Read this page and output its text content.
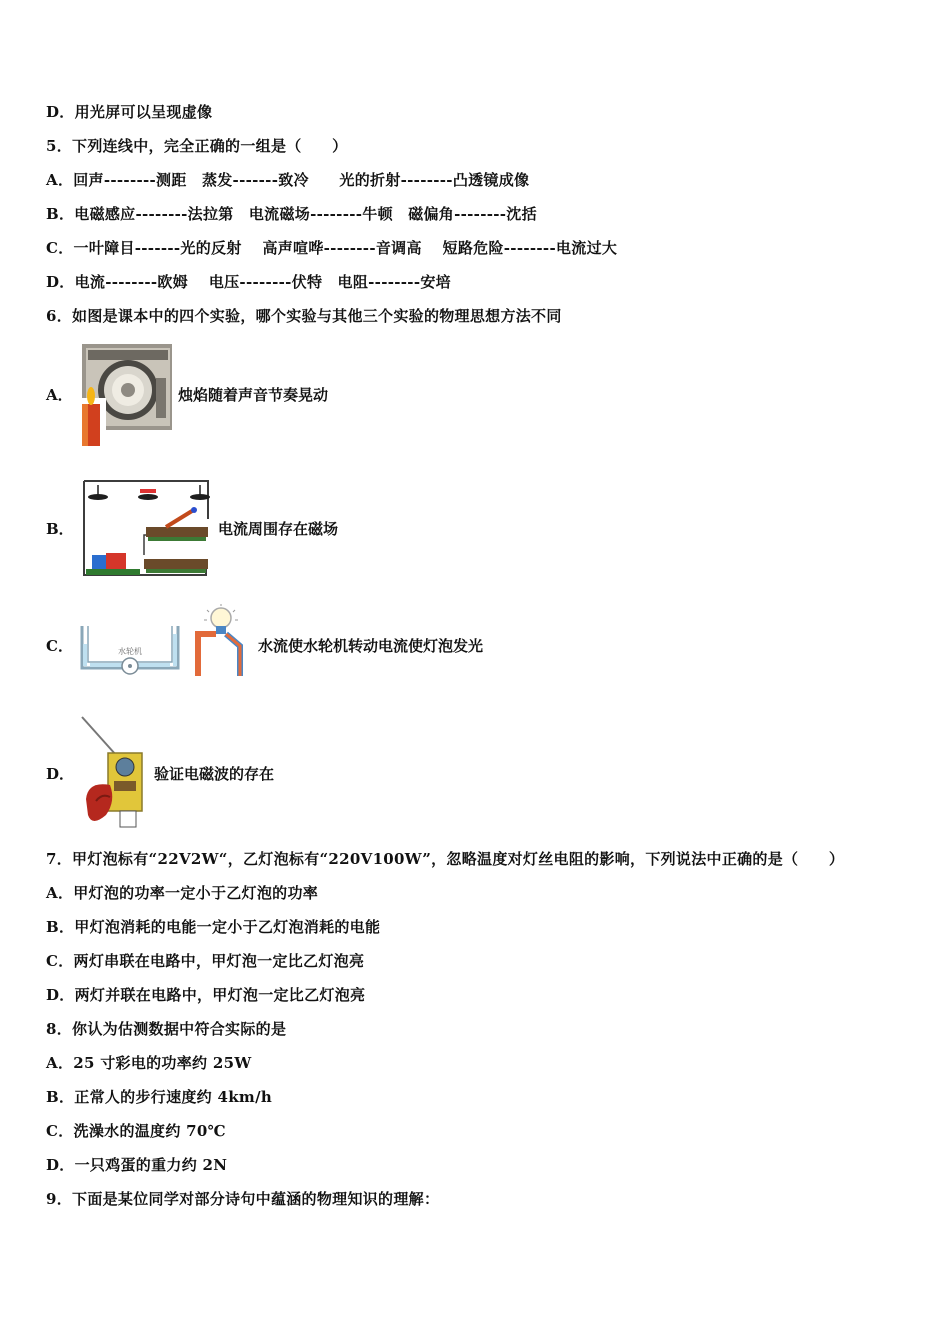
D．用光屏可以呈现虚像
5．下列连线中，完全正确的一组是（　　）
A．回声--------测距　蒸发-------致冷　　光的折射--------凸透镜成像
B．电磁感应--------法拉第　电流磁场--------牛顿　磁偏角--------沈括
C．一叶障目-------光的反射　 高声喧哗--------音调高　 短路危险--------电流过大
D．电流--------欧姆　 电压--------伏特　电阻--------安培
6．如图是课本中的四个实验，哪个实验与其他三个实验的物理思想方法不同
A．	烛焰随着声音节奏晃动
B．	电流周围存在磁场
C．	水轮机	水流使水轮机转动电流使灯泡发光
D．	验证电磁波的存在
7．甲灯泡标有“22V2W“，乙灯泡标有“220V100W”，忽略温度对灯丝电阻的影响，下列说法中正确的是（　　）
A．甲灯泡的功率一定小于乙灯泡的功率
B．甲灯泡消耗的电能一定小于乙灯泡消耗的电能
C．两灯串联在电路中，甲灯泡一定比乙灯泡亮
D．两灯并联在电路中，甲灯泡一定比乙灯泡亮
8．你认为估测数据中符合实际的是
A．25 寸彩电的功率约 25W
B．正常人的步行速度约 4km/h
C．洗澡水的温度约 70℃
D．一只鸡蛋的重力约 2N
9．下面是某位同学对部分诗句中蕴涵的物理知识的理解：
